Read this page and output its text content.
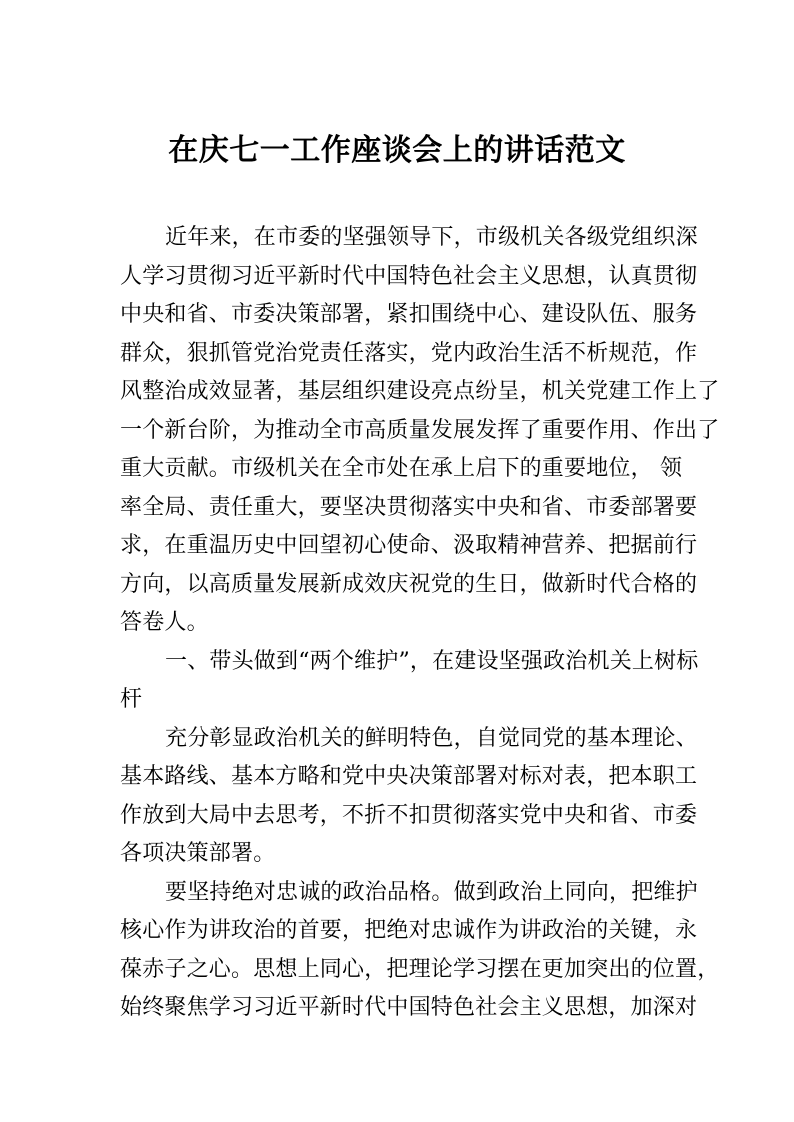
在庆七一工作座谈会上的讲话范文
近年来，在市委的坚强领导下，市级机关各级党组织深
人学习贯彻习近平新时代中国特色社会主义思想，认真贯彻
中央和省、市委决策部署，紧扣围绕中心、建设队伍、服务
群众，狠抓管党治党责任落实，党内政治生活不析规范，作
风整治成效显著，基层组织建设亮点纷呈，机关党建工作上了
一个新台阶，为推动全市高质量发展发挥了重要作用、作出了
重大贡献。市级机关在全市处在承上启下的重要地位， 领
率全局、责任重大，要坚决贯彻落实中央和省、市委部署要
求，在重温历史中回望初心使命、汲取精神营养、把据前行
方向，以高质量发展新成效庆祝党的生日，做新时代合格的
答卷人。
一、带头做到“两个维护”，在建设坚强政治机关上树标
杆
充分彰显政治机关的鲜明特色，自觉同党的基本理论、
基本路线、基本方略和党中央决策部署对标对表，把本职工
作放到大局中去思考，不折不扣贯彻落实党中央和省、市委
各项决策部署。
要坚持绝对忠诚的政治品格。做到政治上同向，把维护
核心作为讲玫治的首要，把绝对忠诚作为讲政治的关键，永
葆赤子之心。思想上同心，把理论学习摆在更加突出的位置，
始终聚焦学习习近平新时代中国特色社会主义思想，加深对
